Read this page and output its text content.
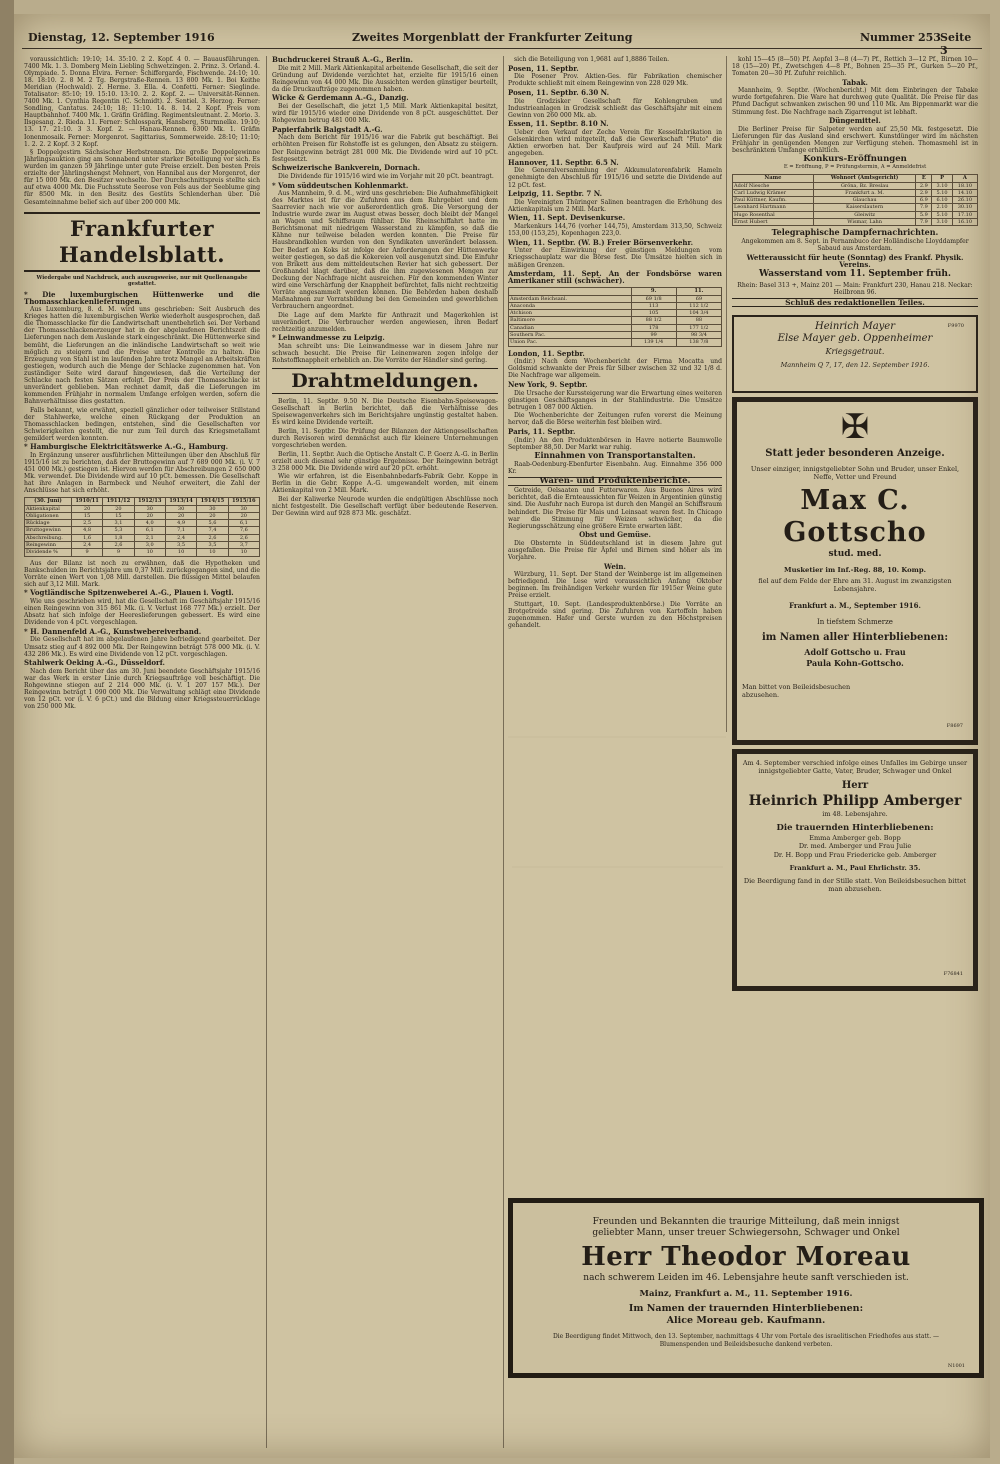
Dienstag, 12. September 1916	Zweites Morgenblatt der Frankfurter Zeitung	Nummer 253 Seite 3

voraussichtlich: 19:10; 14. 35:10. 2 2. Kopf. 4 0. — Bauausführungen. 7400 Mk. 1. 3. Domberg Mein Liebling Schwetzingen. 2. Prinz. 3. Orland. 4. Olympiade. 5. Donna Elvira. Ferner: Schiffergarde, Fischwende. 24:10; 10. 18. 18:10. 2. 8 M. 2 Tg. Bergstraße-Rennen. 13 800 Mk. 1. Boi Keithe Meridian (Hochwald). 2. Herme. 3. Ella. 4. Confetti. Ferner: Sieglinde. Totalisator: 85:10; 19. 15:10. 13:10. 2. 2. Kopf. 2. — Universität-Rennen. 7400 Mk. 1. Cynthia Regentin (C. Schmidt). 2. Sentiel. 3. Herzog. Ferner: Sondling, Cantatus. 24:10; 18; 11:10. 14. 8. 14. 2 Kopf. Preis vom Hauptbahnhof. 7400 Mk. 1. Gräfin Gräfling. Regimentsleutnant. 2. Morio. 3. Ilsgesang. 2. Rieda. 11. Ferner: Schlosspark, Hansberg, Sturmnelke. 19:10; 13. 17. 21:10. 3 3. Kopf. 2. — Hanau-Rennen. 6300 Mk. 1. Gräfin Ionenmosaik. Ferner: Morgenrot. Sagittarius, Sommerweide. 28:10; 11:10; 1. 2. 2. 2 Kopf. 3 2 Kopf.

§ Doppelgestirn Sächsischer Herbstrennen. Die große Doppelgewinne Jährlingsauktion ging am Sonnabend unter starker Beteiligung vor sich. Es wurden im ganzen 59 Jährlinge unter gute Preise erzielt. Den besten Preis erzielte der Jährlingshengst Mehnert, von Hannibal aus der Morgenrot, der für 15 000 Mk. den Besitzer wechselte. Der Durchschnittspreis stellte sich auf etwa 4000 Mk. Die Fuchsstute Seerose von Fels aus der Seeblume ging für 8500 Mk. in den Besitz des Gestüts Schlenderhan über. Die Gesamteinnahme belief sich auf über 200 000 Mk.

Frankfurter Handelsblatt.
Wiedergabe und Nachdruck, auch auszugsweise, nur mit Quellenangabe gestattet.

* Die luxemburgischen Hüttenwerke und die Thomasschlackenlieferungen.

Aus Luxemburg, 8. d. M. wird uns geschrieben: Seit Ausbruch des Krieges hatten die luxemburgischen Werke wiederholt ausgesprochen, daß die Thomasschlacke für die Landwirtschaft unentbehrlich sei. Der Verband der Thomasschlackenerzeuger hat in der abgelaufenen Berichtszeit die Lieferungen nach dem Auslande stark eingeschränkt. Die Hüttenwerke sind bemüht, die Lieferungen an die inländische Landwirtschaft so weit wie möglich zu steigern und die Preise unter Kontrolle zu halten. Die Erzeugung von Stahl ist im laufenden Jahre trotz Mangel an Arbeitskräften gestiegen, wodurch auch die Menge der Schlacke zugenommen hat. Von zuständiger Seite wird darauf hingewiesen, daß die Verteilung der Schlacke nach festen Sätzen erfolgt. Der Preis der Thomasschlacke ist unverändert geblieben. Man rechnet damit, daß die Lieferungen im kommenden Frühjahr in normalem Umfange erfolgen werden, sofern die Bahnverhältnisse dies gestatten.

Falls bekannt, wie erwähnt, speziell gänzlicher oder teilweiser Stillstand der Stahlwerke, welche einen Rückgang der Produktion an Thomasschlacken bedingen, entstehen, sind die Gesellschaften vor Schwierigkeiten gestellt, die nur zum Teil durch das Kriegsmetallamt gemildert werden konnten.

* Hamburgische Elektricitätswerke A.-G., Hamburg.

In Ergänzung unserer ausführlichen Mitteilungen über den Abschluß für 1915/16 ist zu berichten, daß der Bruttogewinn auf 7 689 000 Mk. (i. V. 7 451 000 Mk.) gestiegen ist. Hiervon werden für Abschreibungen 2 650 000 Mk. verwendet. Die Dividende wird auf 10 pCt. bemessen. Die Gesellschaft hat ihre Anlagen in Barmbeck und Neuhof erweitert, die Zahl der Anschlüsse hat sich erhöht.

(30. Juni)	1910/11	1911/12	1912/13	1913/14	1914/15	1915/16
Aktienkapital	20	20	30	30	30	30
Obligationen	15	15	20	20	20	20
Rücklage	2,5	3,1	4,0	4,9	5,6	6,1
Bruttogewinn	4,8	5,3	6,1	7,1	7,4	7,6
Abschreibung.	1,6	1,8	2,1	2,4	2,6	2,6
Reingewinn	2,4	2,6	3,0	3,5	3,5	3,7
Dividende %	9	9	10	10	10	10

Aus der Bilanz ist noch zu erwähnen, daß die Hypotheken und Bankschulden im Berichtsjahre um 0,37 Mill. zurückgegangen sind, und die Vorräte einen Wert von 1,08 Mill. darstellen. Die flüssigen Mittel belaufen sich auf 3,12 Mill. Mark.

* Vogtländische Spitzenweberei A.-G., Plauen i. Vogtl.

Wie uns geschrieben wird, hat die Gesellschaft im Geschäftsjahr 1915/16 einen Reingewinn von 315 861 Mk. (i. V. Verlust 168 777 Mk.) erzielt. Der Absatz hat sich infolge der Heereslieferungen gebessert. Es wird eine Dividende von 4 pCt. vorgeschlagen.

* H. Dannenfeld A.-G., Kunstwebereiverband.

Die Gesellschaft hat im abgelaufenen Jahre befriedigend gearbeitet. Der Umsatz stieg auf 4 892 000 Mk. Der Reingewinn beträgt 578 000 Mk. (i. V. 432 286 Mk.). Es wird eine Dividende von 12 pCt. vorgeschlagen.

Stahlwerk Oeking A.-G., Düsseldorf.

Nach dem Bericht über das am 30. Juni beendete Geschäftsjahr 1915/16 war das Werk in erster Linie durch Kriegsaufträge voll beschäftigt. Die Rohgewinne stiegen auf 2 214 000 Mk. (i. V. 1 207 157 Mk.). Der Reingewinn beträgt 1 090 000 Mk. Die Verwaltung schlägt eine Dividende von 12 pCt. vor (i. V. 6 pCt.) und die Bildung einer Kriegssteuerrücklage von 250 000 Mk.

Buchdruckerei Strauß A.-G., Berlin.

Die mit 2 Mill. Mark Aktienkapital arbeitende Gesellschaft, die seit der Gründung auf Dividende verzichtet hat, erzielte für 1915/16 einen Reingewinn von 44 000 Mk. Die Aussichten werden günstiger beurteilt, da die Druckaufträge zugenommen haben.

Wicke & Gerdemann A.-G., Danzig.

Bei der Gesellschaft, die jetzt 1,5 Mill. Mark Aktienkapital besitzt, wird für 1915/16 wieder eine Dividende von 8 pCt. ausgeschüttet. Der Rohgewinn betrug 481 000 Mk.

Papierfabrik Balgstadt A.-G.

Nach dem Bericht für 1915/16 war die Fabrik gut beschäftigt. Bei erhöhten Preisen für Rohstoffe ist es gelungen, den Absatz zu steigern. Der Reingewinn beträgt 281 000 Mk. Die Dividende wird auf 10 pCt. festgesetzt.

Schweizerische Bankverein, Dornach.

Die Dividende für 1915/16 wird wie im Vorjahr mit 20 pCt. beantragt.

* Vom süddeutschen Kohlenmarkt.

Aus Mannheim, 9. d. M., wird uns geschrieben: Die Aufnahmefähigkeit des Marktes ist für die Zufuhren aus dem Ruhrgebiet und dem Saarrevier nach wie vor außerordentlich groß. Die Versorgung der Industrie wurde zwar im August etwas besser, doch bleibt der Mangel an Wagen und Schiffsraum fühlbar. Die Rheinschiffahrt hatte im Berichtsmonat mit niedrigem Wasserstand zu kämpfen, so daß die Kähne nur teilweise beladen werden konnten. Die Preise für Hausbrandkohlen wurden von den Syndikaten unverändert belassen. Der Bedarf an Koks ist infolge der Anforderungen der Hüttenwerke weiter gestiegen, so daß die Kokereien voll ausgenutzt sind. Die Einfuhr von Brikett aus dem mitteldeutschen Revier hat sich gebessert. Der Großhandel klagt darüber, daß die ihm zugewiesenen Mengen zur Deckung der Nachfrage nicht ausreichen. Für den kommenden Winter wird eine Verschärfung der Knappheit befürchtet, falls nicht rechtzeitig Vorräte angesammelt werden können. Die Behörden haben deshalb Maßnahmen zur Vorratsbildung bei den Gemeinden und gewerblichen Verbrauchern angeordnet.

Die Lage auf dem Markte für Anthrazit und Magerkohlen ist unverändert. Die Verbraucher werden angewiesen, ihren Bedarf rechtzeitig anzumelden.

* Leinwandmesse zu Leipzig.

Man schreibt uns: Die Leinwandmesse war in diesem Jahre nur schwach besucht. Die Preise für Leinenwaren zogen infolge der Rohstoffknappheit erheblich an. Die Vorräte der Händler sind gering.

Drahtmeldungen.

Berlin, 11. Septbr. 9.50 N. Die Deutsche Eisenbahn-Speisewagen-Gesellschaft in Berlin berichtet, daß die Verhältnisse des Speisewagenverkehrs sich im Berichtsjahre ungünstig gestaltet haben. Es wird keine Dividende verteilt.

Berlin, 11. Septbr. Die Prüfung der Bilanzen der Aktiengesellschaften durch Revisoren wird demnächst auch für kleinere Unternehmungen vorgeschrieben werden.

Berlin, 11. Septbr. Auch die Optische Anstalt C. P. Goerz A.-G. in Berlin erzielt auch diesmal sehr günstige Ergebnisse. Der Reingewinn beträgt 3 258 000 Mk. Die Dividende wird auf 20 pCt. erhöht.

Wie wir erfahren, ist die Eisenbahnbedarfs-Fabrik Gebr. Koppe in Berlin in die Gebr. Koppe A.-G. umgewandelt worden, mit einem Aktienkapital von 2 Mill. Mark.

Bei der Kaliwerke Neurode wurden die endgültigen Abschlüsse noch nicht festgestellt. Die Gesellschaft verfügt über bedeutende Reserven. Der Gewinn wird auf 928 873 Mk. geschätzt.

sich die Beteiligung von 1,9681 auf 1,8886 Teilen.

Posen, 11. Septbr.

Die Posener Prov. Aktien-Ges. für Fabrikation chemischer Produkte schließt mit einem Reingewinn von 228 029 Mk.

Posen, 11. Septbr. 6.30 N.

Die Grodzisker Gesellschaft für Kohlengruben und Industrieanlagen in Grodzisk schließt das Geschäftsjahr mit einem Gewinn von 260 000 Mk. ab.

Essen, 11. Septbr. 8.10 N.

Ueber den Verkauf der Zeche Verein für Kesselfabrikation in Gelsenkirchen wird mitgeteilt, daß die Gewerkschaft "Pluto" die Aktien erworben hat. Der Kaufpreis wird auf 24 Mill. Mark angegeben.

Hannover, 11. Septbr. 6.5 N.

Die Generalversammlung der Akkumulatorenfabrik Hameln genehmigte den Abschluß für 1915/16 und setzte die Dividende auf 12 pCt. fest.

Leipzig, 11. Septbr. 7 N.

Die Vereinigten Thüringer Salinen beantragen die Erhöhung des Aktienkapitals um 2 Mill. Mark.

Wien, 11. Sept. Devisenkurse.

Markenkurs 144,76 (vorher 144,75), Amsterdam 313,50, Schweiz 153,00 (153,25), Kopenhagen 223,0.

Wien, 11. Septbr. (W. B.) Freier Börsenverkehr.

Unter der Einwirkung der günstigen Meldungen vom Kriegsschauplatz war die Börse fest. Die Umsätze hielten sich in mäßigen Grenzen.

Amsterdam, 11. Sept. An der Fondsbörse waren Amerikaner still (schwächer).

	9.	11.
Amsterdam Reichsanl.	69 1/8	69
Anaconda	113	112 1/2
Atchison	105	104 3/4
Baltimore	88 1/2	88
Canadian	178	177 1/2
Southern Pac.	99	98 3/4
Union Pac.	139 1/4	138 7/8

London, 11. Septbr.

(Indir.) Nach dem Wochenbericht der Firma Mocatta und Goldsmid schwankte der Preis für Silber zwischen 32 und 32 1/8 d. Die Nachfrage war allgemein.

New York, 9. Septbr.

Die Ursache der Kurssteigerung war die Erwartung eines weiteren günstigen Geschäftsganges in der Stahlindustrie. Die Umsätze betrugen 1 087 000 Aktien.

Die Wochenberichte der Zeitungen rufen vorerst die Meinung hervor, daß die Börse weiterhin fest bleiben wird.

Paris, 11. Septbr.

(Indir.) An den Produktenbörsen in Havre notierte Baumwolle September 88,50. Der Markt war ruhig.

Einnahmen von Transportanstalten.

Raab-Oedenburg-Ebenfurter Eisenbahn. Aug. Einnahme 356 000 Kr.

Waren- und Produktenberichte.

Getreide, Oelsaaten und Futterwaren. Aus Buenos Aires wird berichtet, daß die Ernteaussichten für Weizen in Argentinien günstig sind. Die Ausfuhr nach Europa ist durch den Mangel an Schiffsraum behindert. Die Preise für Mais und Leinsaat waren fest. In Chicago war die Stimmung für Weizen schwächer, da die Regierungsschätzung eine größere Ernte erwarten läßt.

Obst und Gemüse.

Die Obsternte in Süddeutschland ist in diesem Jahre gut ausgefallen. Die Preise für Äpfel und Birnen sind höher als im Vorjahre.

Wein.

Würzburg, 11. Sept. Der Stand der Weinberge ist im allgemeinen befriedigend. Die Lese wird voraussichtlich Anfang Oktober beginnen. Im freihändigen Verkehr wurden für 1915er Weine gute Preise erzielt.

Stuttgart, 10. Sept. (Landesproduktenbörse.) Die Vorräte an Brotgetreide sind gering. Die Zufuhren von Kartoffeln haben zugenommen. Hafer und Gerste wurden zu den Höchstpreisen gehandelt.

kohl 15—45 (8—50) Pf. Aepfel 3—8 (4—7) Pf., Rettich 3—12 Pf., Birnen 10—18 (15—20) Pf., Zwetschgen 4—8 Pf., Bohnen 25—35 Pf., Gurken 5—20 Pf., Tomaten 20—30 Pf. Zufuhr reichlich.

Tabak.

Mannheim, 9. Septbr. (Wochenbericht.) Mit dem Einbringen der Tabake wurde fortgefahren. Die Ware hat durchweg gute Qualität. Die Preise für das Pfund Dachgut schwanken zwischen 90 und 110 Mk. Am Bippenmarkt war die Stimmung fest. Die Nachfrage nach Zigarrengut ist lebhaft.

Düngemittel.

Die Berliner Preise für Salpeter werden auf 25,50 Mk. festgesetzt. Die Lieferungen für das Ausland sind erschwert. Kunstdünger wird im nächsten Frühjahr in genügenden Mengen zur Verfügung stehen. Thomasmehl ist in beschränktem Umfange erhältlich.

Konkurs-Eröffnungen

E = Eröffnung, P = Prüfungstermin, A = Anmeldefrist

Name	Wohnort (Amtsgericht)	E	P	A
Adolf Niesche	Gröna, Bz. Breslau	2.9	3.10	18.10
Carl Ludwig Krämer	Frankfurt a. M.	2.9	5.10	14.10
Paul Küttner, Kaufm.	Glauchau	6.9	6.10	26.10
Leonhard Hartmann	Kaiserslautern	7.9	2.10	30.10
Hugo Rosenthal	Gleiwitz	5.9	5.10	17.10
Ernst Hubert	Wismar, Lahn	7.9	3.10	16.10

Telegraphische Dampfernachrichten.

Angekommen am 8. Sept. in Pernambuco der Holländische Lloyddampfer Sabaud aus Amsterdam.

Wetteraussicht für heute (Sonntag) des Frankf. Physik. Vereins.

Wasserstand vom 11. September früh.

Rhein: Basel 313 +, Mainz 201 — Main: Frankfurt 230, Hanau 218. Neckar: Heilbronn 96.

Schluß des redaktionellen Teiles.

Heinrich Mayer
Else Mayer geb. Oppenheimer
Kriegsgetraut.
Mannheim Q 7, 17, den 12. September 1916.
F9970
✠
Statt jeder besonderen Anzeige.
Unser einziger, innigstgeliebter Sohn und Bruder, unser Enkel, Neffe, Vetter und Freund
Max C. Gottscho
stud. med.
Musketier im Inf.-Reg. 88, 10. Komp.
fiel auf dem Felde der Ehre am 31. August im zwanzigsten Lebensjahre.
Frankfurt a. M., September 1916.
In tiefstem Schmerze
im Namen aller Hinterbliebenen:
Adolf Gottscho u. Frau
Paula Kohn-Gottscho.
Man bittet von Beileidsbesuchen abzusehen.
F8697
Am 4. September verschied infolge eines Unfalles im Gebirge unser innigstgeliebter Gatte, Vater, Bruder, Schwager und Onkel
Herr
Heinrich Philipp Amberger
im 48. Lebensjahre.
Die trauernden Hinterbliebenen:
Emma Amberger geb. Bopp
Dr. med. Amberger und Frau Julie
Dr. H. Bopp und Frau Friedericke geb. Amberger
Frankfurt a. M., Paul Ehrlichstr. 35.
Die Beerdigung fand in der Stille statt. Von Beileidsbesuchen bittet man abzusehen.
F76841
Freunden und Bekannten die traurige Mitteilung, daß mein innigst geliebter Mann, unser treuer Schwiegersohn, Schwager und Onkel
Herr Theodor Moreau
nach schwerem Leiden im 46. Lebensjahre heute sanft verschieden ist.
Mainz, Frankfurt a. M., 11. September 1916.
Im Namen der trauernden Hinterbliebenen:
Alice Moreau geb. Kaufmann.
Die Beerdigung findet Mittwoch, den 13. September, nachmittags 4 Uhr vom Portale des israelitischen Friedhofes aus statt. — Blumenspenden und Beileidsbesuche dankend verbeten.
N1001
